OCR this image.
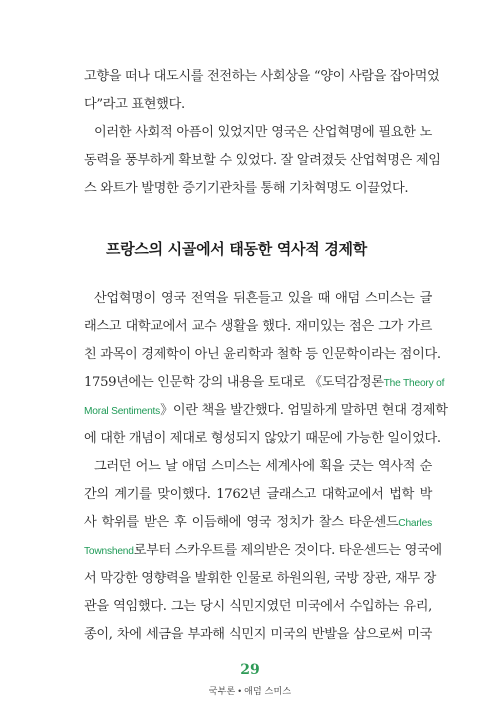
고향을 떠나 대도시를 전전하는 사회상을 “양이 사람을 잡아먹었
다”라고 표현했다.
이러한 사회적 아픔이 있었지만 영국은 산업혁명에 필요한 노
동력을 풍부하게 확보할 수 있었다. 잘 알려졌듯 산업혁명은 제임
스 와트가 발명한 증기기관차를 통해 기차혁명도 이끌었다.
프랑스의 시골에서 태동한 역사적 경제학
산업혁명이 영국 전역을 뒤흔들고 있을 때 애덤 스미스는 글
래스고 대학교에서 교수 생활을 했다. 재미있는 점은 그가 가르
친 과목이 경제학이 아닌 윤리학과 철학 등 인문학이라는 점이다.
1759년에는 인문학 강의 내용을 토대로 《도덕감정론The Theory of
Moral Sentiments》이란 책을 발간했다. 엄밀하게 말하면 현대 경제학
에 대한 개념이 제대로 형성되지 않았기 때문에 가능한 일이었다.
그러던 어느 날 애덤 스미스는 세계사에 획을 긋는 역사적 순
간의 계기를 맞이했다. 1762년 글래스고 대학교에서 법학 박
사 학위를 받은 후 이듬해에 영국 정치가 찰스 타운센드Charles
Townshend로부터 스카우트를 제의받은 것이다. 타운센드는 영국에
서 막강한 영향력을 발휘한 인물로 하원의원, 국방 장관, 재무 장
관을 역임했다. 그는 당시 식민지였던 미국에서 수입하는 유리,
29
국부론 • 애덤 스미스
종이, 차에 세금을 부과해 식민지 미국의 반발을 삼으로써 미국
